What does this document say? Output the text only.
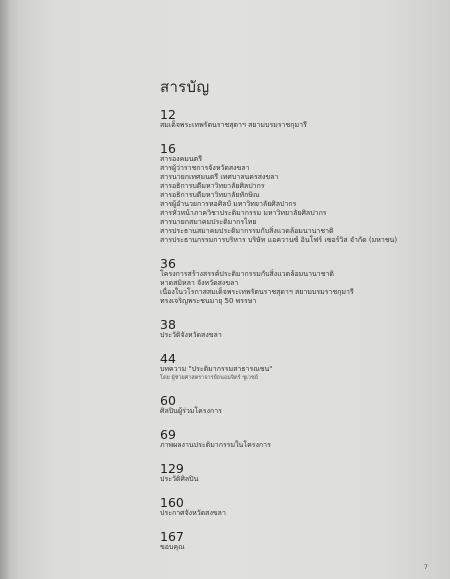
สารบัญ
12
สมเด็จพระเทพรัตนราชสุดาฯ สยามบรมราชกุมารี
16
สารองคมนตรี
สารผู้ว่าราชการจังหวัดสงขลา
สารนายกเทศมนตรี เทศบาลนครสงขลา
สารอธิการบดีมหาวิทยาลัยศิลปากร
สารอธิการบดีมหาวิทยาลัยทักษิณ
สารผู้อำนวยการหอศิลป์ มหาวิทยาลัยศิลปากร
สารหัวหน้าภาควิชาประติมากรรม มหาวิทยาลัยศิลปากร
สารนายกสมาคมประติมากรไทย
สารประธานสมาคมประติมากรรมกับสิ่งแวดล้อมนานาชาติ
สารประธานกรรมการบริหาร บริษัท แอควานซ์ อินโฟร์ เซอร์วิส จำกัด (มหาชน)
36
โครงการสร้างสรรค์ประติมากรรมกับสิ่งแวดล้อมนานาชาติ
หาดสมิหลา จังหวัดสงขลา
เนื่องในวโรกาสสมเด็จพระเทพรัตนราชสุดาฯ สยามบรมราชกุมารี
ทรงเจริญพระชนมายุ 50 พรรษา
38
ประวัติจังหวัดสงขลา
44
บทความ "ประติมากรรมสาธารณชน"
โดย ผู้ช่วยศาสตราจารย์ถนอมจิตร์ ชูเวชย์
60
ศิลปินผู้ร่วมโครงการ
69
ภาพผลงานประติมากรรมในโครงการ
129
ประวัติศิลปิน
160
ประกาศจังหวัดสงขลา
167
ขอบคุณ
7
